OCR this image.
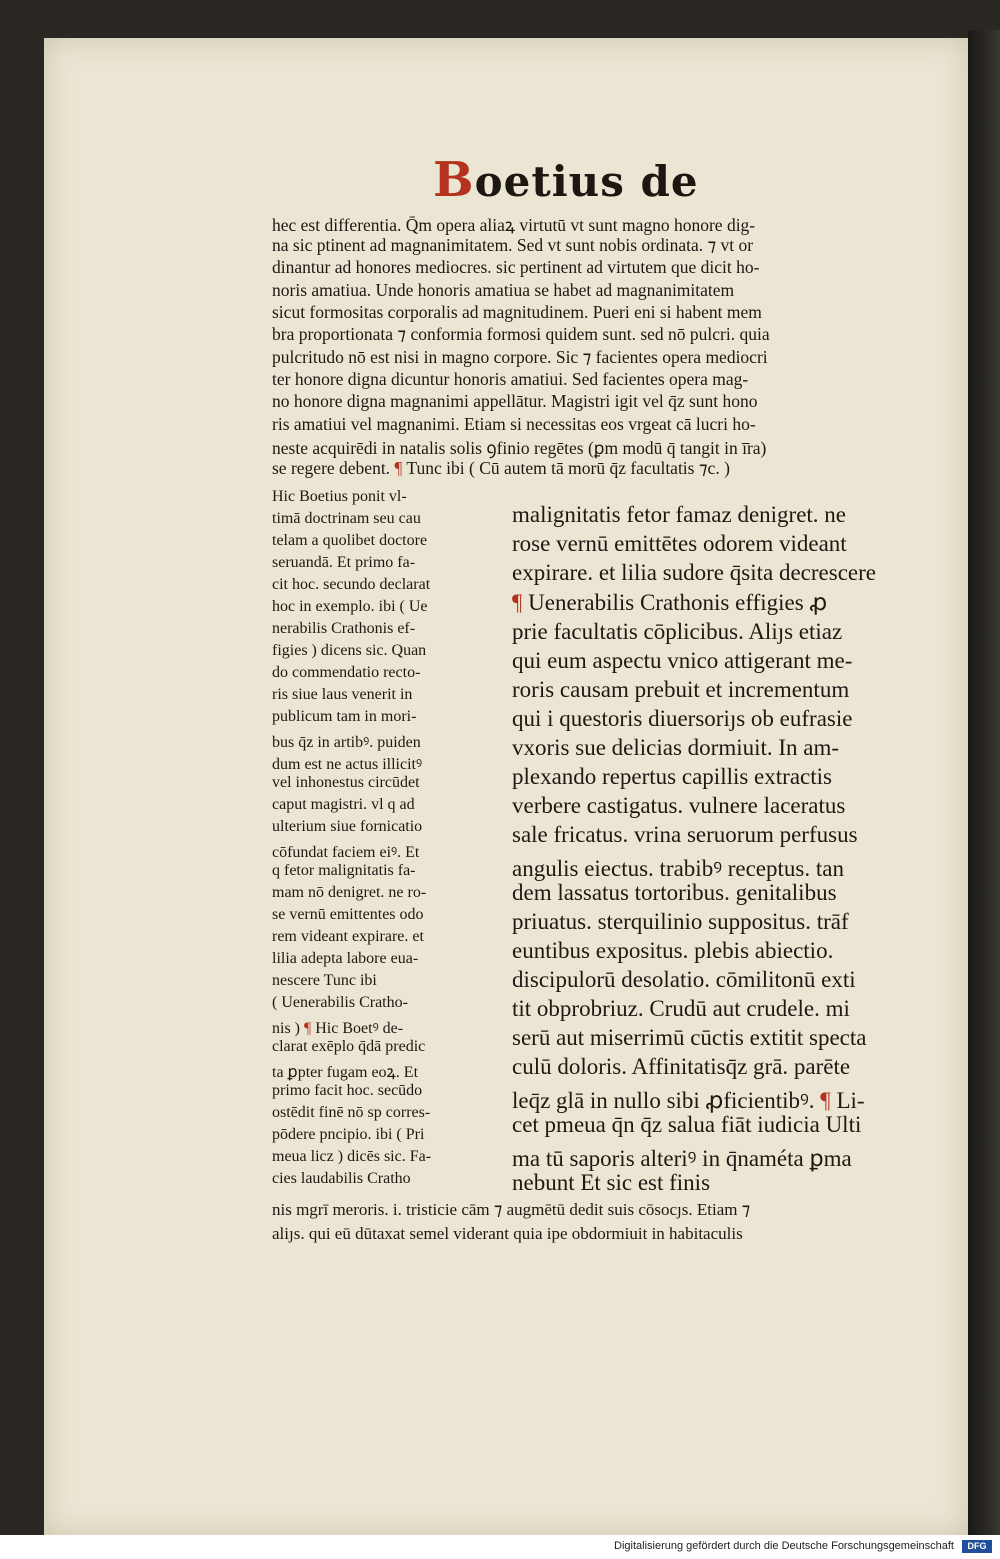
Boetius de
hec est differentia. Q̄m opera aliaꝝ virtutū vt sunt magno honore dig-
na sic ptinent ad magnanimitatem. Sed vt sunt nobis ordinata. ⁊ vt or
dinantur ad honores mediocres. sic pertinent ad virtutem que dicit ho-
noris amatiua. Unde honoris amatiua se habet ad magnanimitatem
sicut formositas corporalis ad magnitudinem. Pueri eni si habent mem
bra proportionata ⁊ conformia formosi quidem sunt. sed nō pulcri. quia
pulcritudo nō est nisi in magno corpore. Sic ⁊ facientes opera mediocri
ter honore digna dicuntur honoris amatiui. Sed facientes opera mag-
no honore digna magnanimi appellātur. Magistri igit vel q̄z sunt hono
ris amatiui vel magnanimi. Etiam si necessitas eos vrgeat cā lucri ho-
neste acquirēdi in natalis solis ꝯfinio regētes (ꝑm modū q̄ tangit in ī̄ra)
se regere debent. ¶ Tunc ibi ( Cū autem tā morū q̄z facultatis ⁊c. )
Hic Boetius ponit vl-
timā doctrinam seu cau
telam a quolibet doctore
seruandā. Et primo fa-
cit hoc. secundo declarat
hoc in exemplo. ibi ( Ue
nerabilis Crathonis ef-
figies ) dicens sic. Quan
do commendatio recto-
ris siue laus venerit in
publicum tam in mori-
bus q̄z in artibꝰ. puiden
dum est ne actus illicitꝰ
vel inhonestus circūdet
caput magistri. vl q ad
ulterium siue fornicatio
cōfundat faciem eiꝰ. Et
q fetor malignitatis fa-
mam nō denigret. ne ro-
se vernū emittentes odo
rem videant expirare. et
lilia adepta labore eua-
nescere Tunc ibi
( Uenerabilis Cratho-
nis ) ¶ Hic Boetꝰ de-
clarat exēplo q̄dā predic
ta ꝑpter fugam eoꝝ. Et
primo facit hoc. secūdo
ostēdit finē nō sp corres-
pōdere pncipio. ibi ( Pri
meua licz ) dicēs sic. Fa-
cies laudabilis Cratho
malignitatis fetor famaz denigret. ne
rose vernū emittētes odorem videant
expirare. et lilia sudore q̄sita decrescere
¶ Uenerabilis Crathonis effigies ꝓ
prie facultatis cōplicibus. Aliȷs etiaz
qui eum aspectu vnico attigerant me-
roris causam prebuit et incrementum
qui i questoris diuersoriȷs ob eufrasie
vxoris sue delicias dormiuit. In am-
plexando repertus capillis extractis
verbere castigatus. vulnere laceratus
sale fricatus. vrina seruorum perfusus
angulis eiectus. trabibꝰ receptus. tan
dem lassatus tortoribus. genitalibus
priuatus. sterquilinio suppositus. trāf
euntibus expositus. plebis abiectio.
discipulorū desolatio. cōmilitonū exti
tit obprobriuz. Crudū aut crudele. mi
serū aut miserrimū cūctis extitit specta
culū doloris. Affinitatisq̄z grā. parēte
leq̄z glā in nullo sibi ꝓficientibꝰ. ¶ Li-
cet pmeua q̄n q̄z salua fiāt iudicia Ulti
ma tū saporis alteriꝰ in q̄naméta ꝑma
nebunt Et sic est finis
nis mgrī meroris. i. tristicie cām ⁊ augmētū dedit suis cōsocȷs. Etiam ⁊
aliȷs. qui eū dūtaxat semel viderant quia ipe obdormiuit in habitaculis
Digitalisierung gefördert durch die Deutsche Forschungsgemeinschaft	DFG
